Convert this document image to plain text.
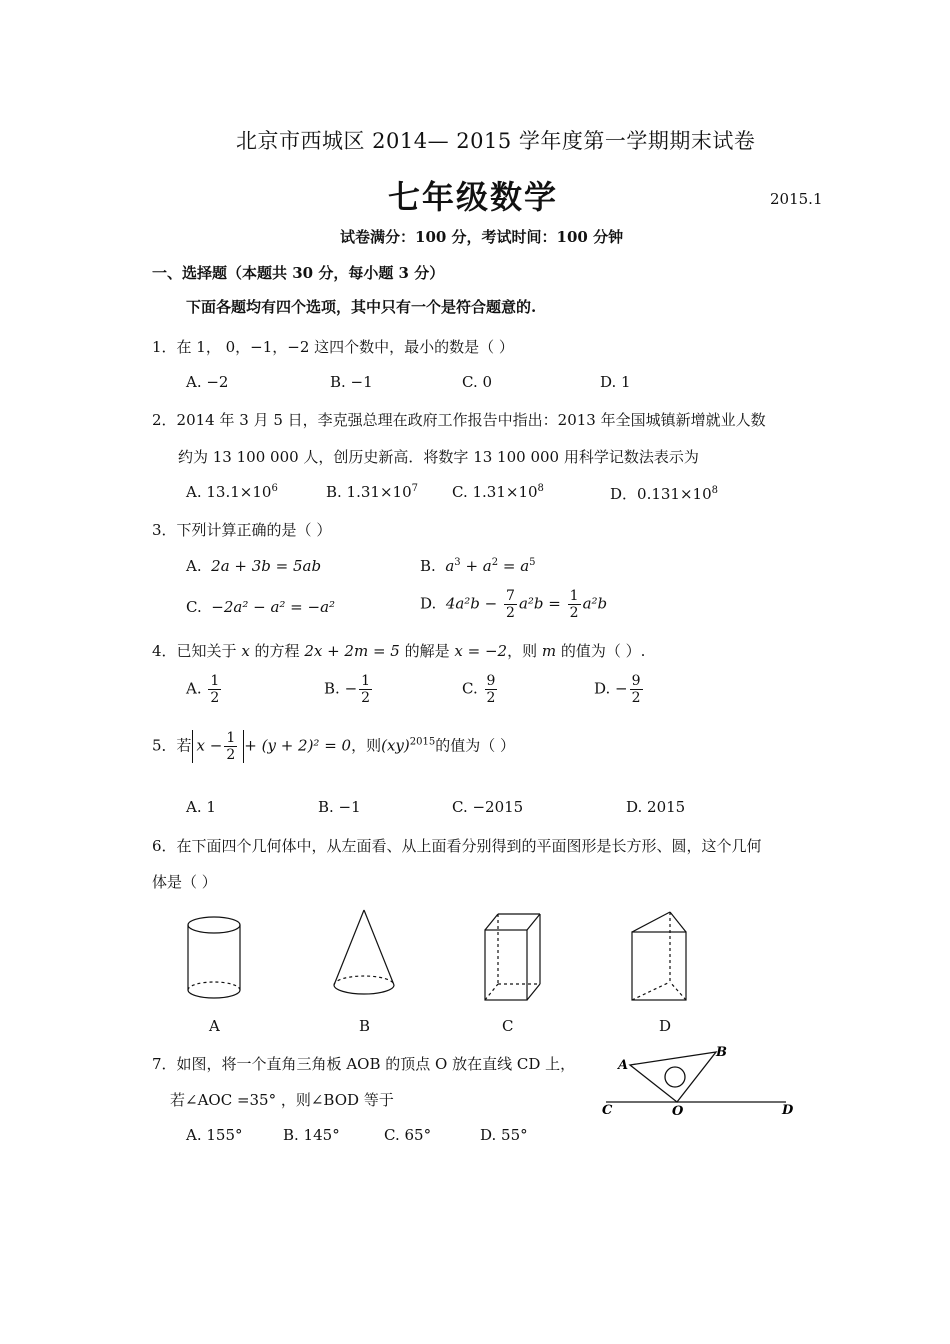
北京市西城区 2014— 2015 学年度第一学期期末试卷
七年级数学	2015.1
试卷满分：100 分，考试时间：100 分钟
一、选择题（本题共 30 分，每小题 3 分）
下面各题均有四个选项，其中只有一个是符合题意的.
1．在 1， 0，−1，−2 这四个数中，最小的数是（ ）
A. −2	B. −1	C. 0	D. 1
2．2014 年 3 月 5 日，李克强总理在政府工作报告中指出：2013 年全国城镇新增就业人数
约为 13 100 000 人，创历史新高．将数字 13 100 000 用科学记数法表示为
A. $13.1\times 10^6$	B. $1.31\times 10^7$ C. $1.31\times 10^8$	D．$0.131\times 10^8$
3．下列计算正确的是（ ）
A. 2a + 3b = 5ab	B. $a^3 + a^2 = a^5$
C. −2a² − a² = −a²	D. $4a^2b - \frac{7}{2} a^2b = \frac{1}{2} a^2b$
4．已知关于 x 的方程 2x + 2m = 5 的解是 x = −2，则 m 的值为（ ）.
A. $\frac{1}{2}$	B. − $\frac{1}{2}$	C. $\frac{9}{2}$	D. − $\frac{9}{2}$
5．若 $x - \frac{1}{2} + (y + 2)^2 = 0$，则(xy)$^{2015}$的值为（ ）
A. 1	B. −1	C. −2015	D. 2015
6．在下面四个几何体中，从左面看、从上面看分别得到的平面图形是长方形、圆，这个几何
体是（ ）
A	B	C	D
7．如图，将一个直角三角板 AOB 的顶点 O 放在直线 CD 上，
若∠AOC =35° ，则∠BOD 等于
A. 155°	B. 145°	C. 65°	D. 55°
A
B
C	O	D
